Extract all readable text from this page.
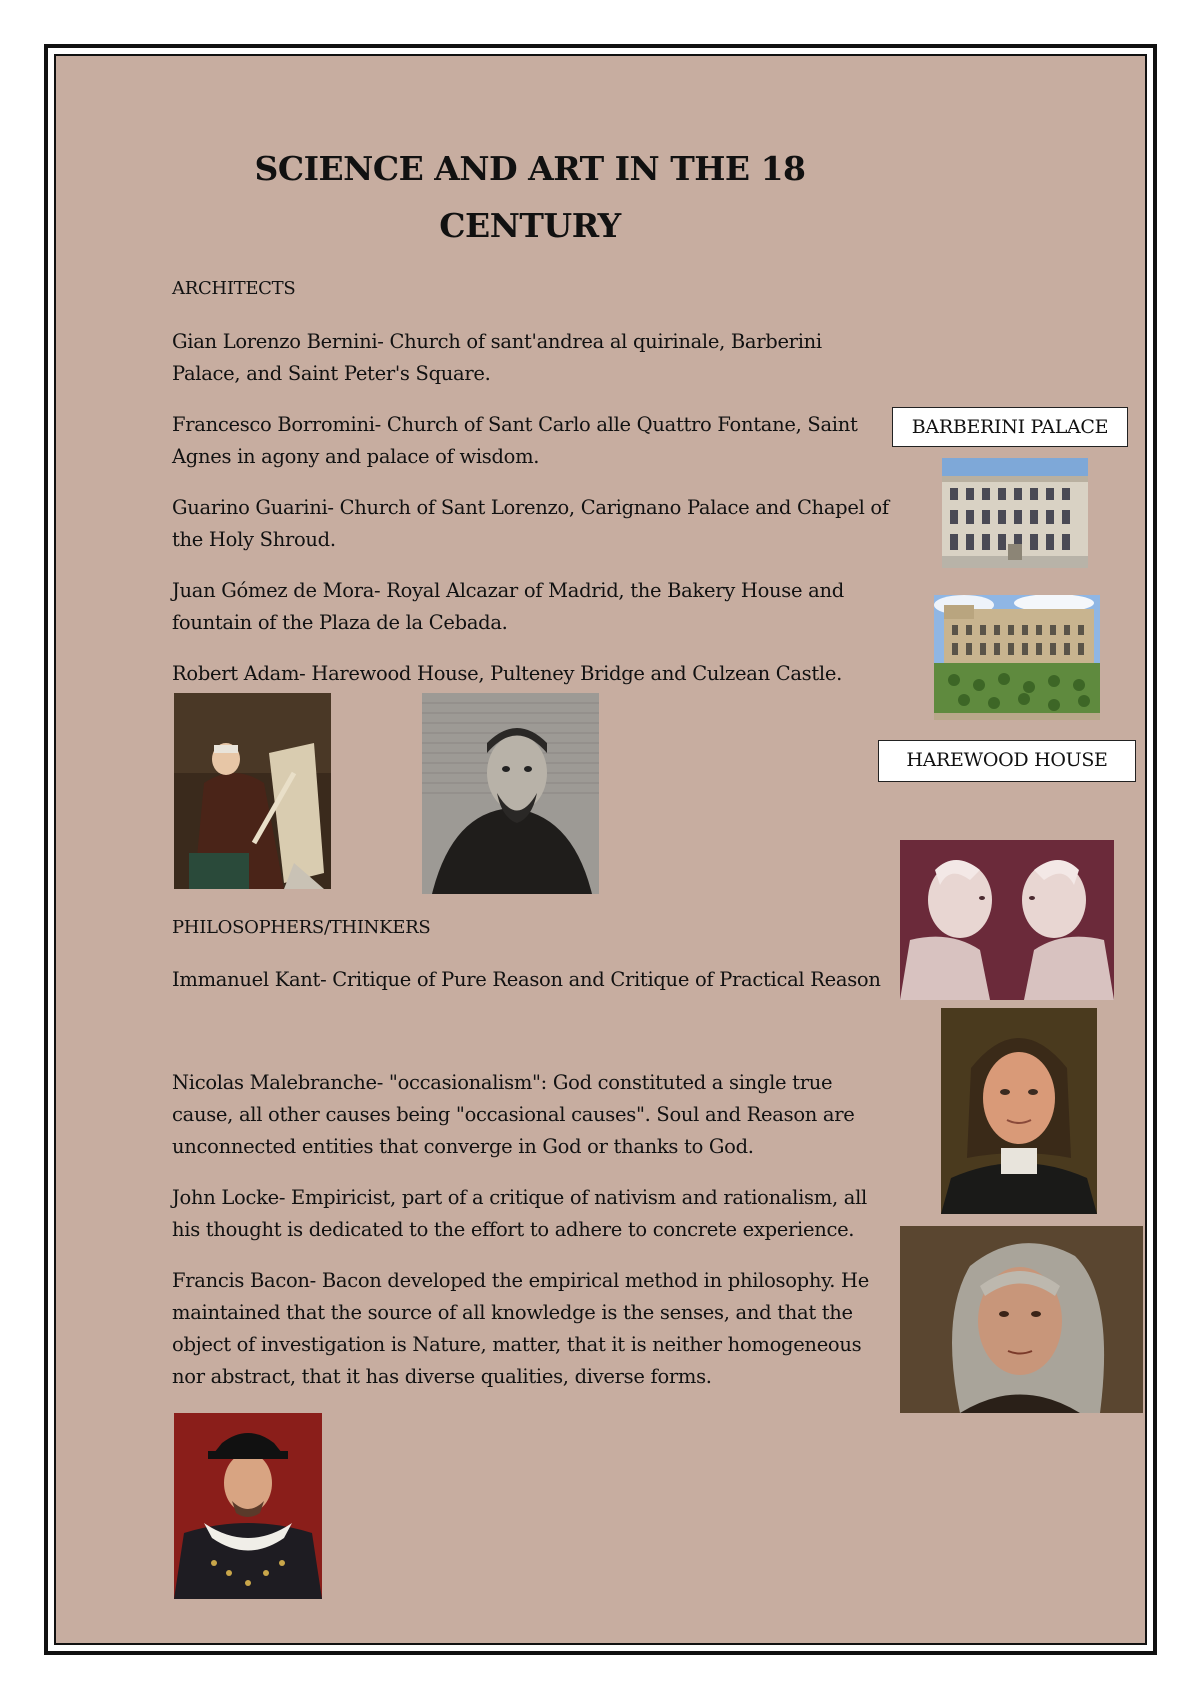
SCIENCE AND ART IN THE 18
CENTURY
ARCHITECTS
Gian Lorenzo Bernini- Church of sant'andrea al quirinale, Barberini Palace, and Saint Peter's Square.
Francesco Borromini- Church of Sant Carlo alle Quattro Fontane, Saint Agnes in agony and palace of wisdom.
Guarino Guarini- Church of Sant Lorenzo, Carignano Palace and Chapel of the Holy Shroud.
Juan Gómez de Mora- Royal Alcazar of Madrid, the Bakery House and fountain of the Plaza de la Cebada.
Robert Adam- Harewood House, Pulteney Bridge and Culzean Castle.
BARBERINI PALACE
HAREWOOD HOUSE
PHILOSOPHERS/THINKERS
Immanuel Kant- Critique of Pure Reason and Critique of Practical Reason
Nicolas Malebranche- "occasionalism": God constituted a single true cause, all other causes being "occasional causes". Soul and Reason are unconnected entities that converge in God or thanks to God.
John Locke- Empiricist, part of a critique of nativism and rationalism, all his thought is dedicated to the effort to adhere to concrete experience.
Francis Bacon- Bacon developed the empirical method in philosophy. He maintained that the source of all knowledge is the senses, and that the object of investigation is Nature, matter, that it is neither homogeneous nor abstract, that it has diverse qualities, diverse forms.
